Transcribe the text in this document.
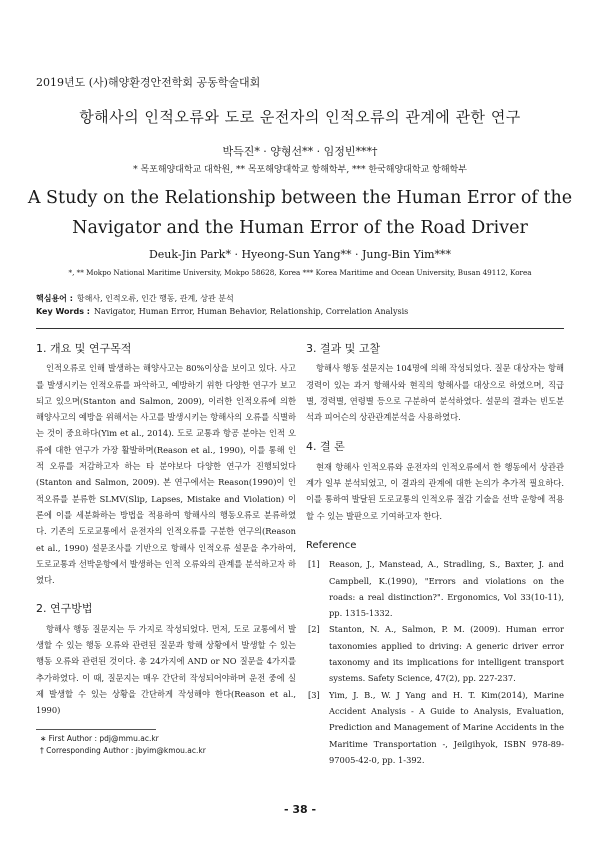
2019년도 (사)해양환경안전학회 공동학술대회
항해사의 인적오류와 도로 운전자의 인적오류의 관계에 관한 연구
박득진* · 양형선** · 임정빈***†
* 목포해양대학교 대학원, ** 목포해양대학교 항해학부, *** 한국해양대학교 항해학부
A Study on the Relationship between the Human Error of the Navigator and the Human Error of the Road Driver
Deuk-Jin Park* · Hyeong-Sun Yang** · Jung-Bin Yim***
*, ** Mokpo National Maritime University, Mokpo 58628, Korea *** Korea Maritime and Ocean University, Busan 49112, Korea
핵심용어 : 항해사, 인적오류, 인간 행동, 관계, 상관 분석
Key Words : Navigator, Human Error, Human Behavior, Relationship, Correlation Analysis
1. 개요 및 연구목적

인적오류로 인해 발생하는 해양사고는 80%이상을 보이고 있다. 사고를 발생시키는 인적오류를 파악하고, 예방하기 위한 다양한 연구가 보고되고 있으며(Stanton and Salmon, 2009), 이러한 인적오류에 의한 해양사고의 예방을 위해서는 사고를 발생시키는 항해사의 오류를 식별하는 것이 중요하다(Yim et al., 2014). 도로 교통과 항공 분야는 인적 오류에 대한 연구가 가장 활발하며(Reason et al., 1990), 이를 통해 인적 오류를 저감하고자 하는 타 분야보다 다양한 연구가 진행되었다(Stanton and Salmon, 2009). 본 연구에서는 Reason(1990)이 인적오류를 분류한 SLMV(Slip, Lapses, Mistake and Violation) 이론에 이를 세분화하는 방법을 적용하여 항해사의 행동오류로 분류하였다. 기존의 도로교통에서 운전자의 인적오류를 구분한 연구의(Reason et al., 1990) 설문조사를 기반으로 항해사 인적오류 설문을 추가하여, 도로교통과 선박운항에서 발생하는 인적 오류와의 관계를 분석하고자 하였다.

2. 연구방법

항해사 행동 질문지는 두 가지로 작성되었다. 먼저, 도로 교통에서 발생할 수 있는 행동 오류와 관련된 질문과 항해 상황에서 발생할 수 있는 행동 오류와 관련된 것이다. 총 24가지에 AND or NO 질문을 4가지를 추가하였다. 이 때, 질문지는 매우 간단히 작성되어야하며 운전 중에 실제 발생할 수 있는 상황을 간단하게 작성해야 한다(Reason et al., 1990)

3. 결과 및 고찰

항해사 행동 설문지는 104명에 의해 작성되었다. 질문 대상자는 항해경력이 있는 과거 항해사와 현직의 항해사를 대상으로 하였으며, 직급별, 경력별, 연령별 등으로 구분하여 분석하였다. 설문의 결과는 빈도분석과 피어슨의 상관관계분석을 사용하였다.

4. 결 론

현재 항해사 인적오류와 운전자의 인적오류에서 한 행동에서 상관관계가 일부 분석되었고, 이 결과의 관계에 대한 논의가 추가적 필요하다. 이를 통하여 발달된 도로교통의 인적오류 절감 기술을 선박 운항에 적용할 수 있는 발판으로 기여하고자 한다.

Reference
[1] Reason, J., Manstead, A., Stradling, S., Baxter, J. and Campbell, K.(1990), "Errors and violations on the roads: a real distinction?". Ergonomics, Vol 33(10-11), pp. 1315-1332.
[2] Stanton, N. A., Salmon, P. M. (2009). Human error taxonomies applied to driving: A generic driver error taxonomy and its implications for intelligent transport systems. Safety Science, 47(2), pp. 227-237.
[3] Yim, J. B., W. J Yang and H. T. Kim(2014), Marine Accident Analysis - A Guide to Analysis, Evaluation, Prediction and Management of Marine Accidents in the Maritime Transportation -, Jeilgihyok, ISBN 978-89-97005-42-0, pp. 1-392.
∗ First Author : pdj@mmu.ac.kr
† Corresponding Author : jbyim@kmou.ac.kr
- 38 -
